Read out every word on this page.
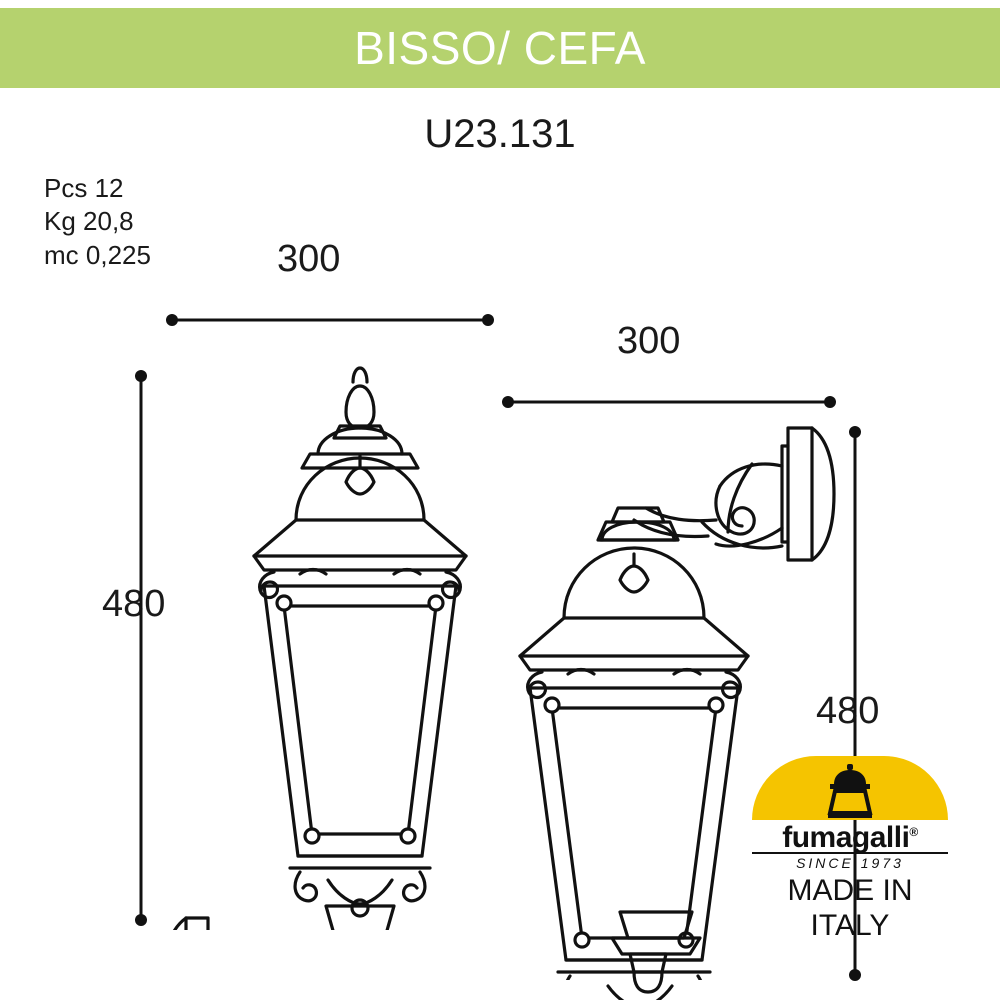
BISSO/ CEFA
U23.131
Pcs 12
Kg 20,8
mc 0,225	300
480
300
480
fumagalli®
SINCE 1973
MADE IN
ITALY
